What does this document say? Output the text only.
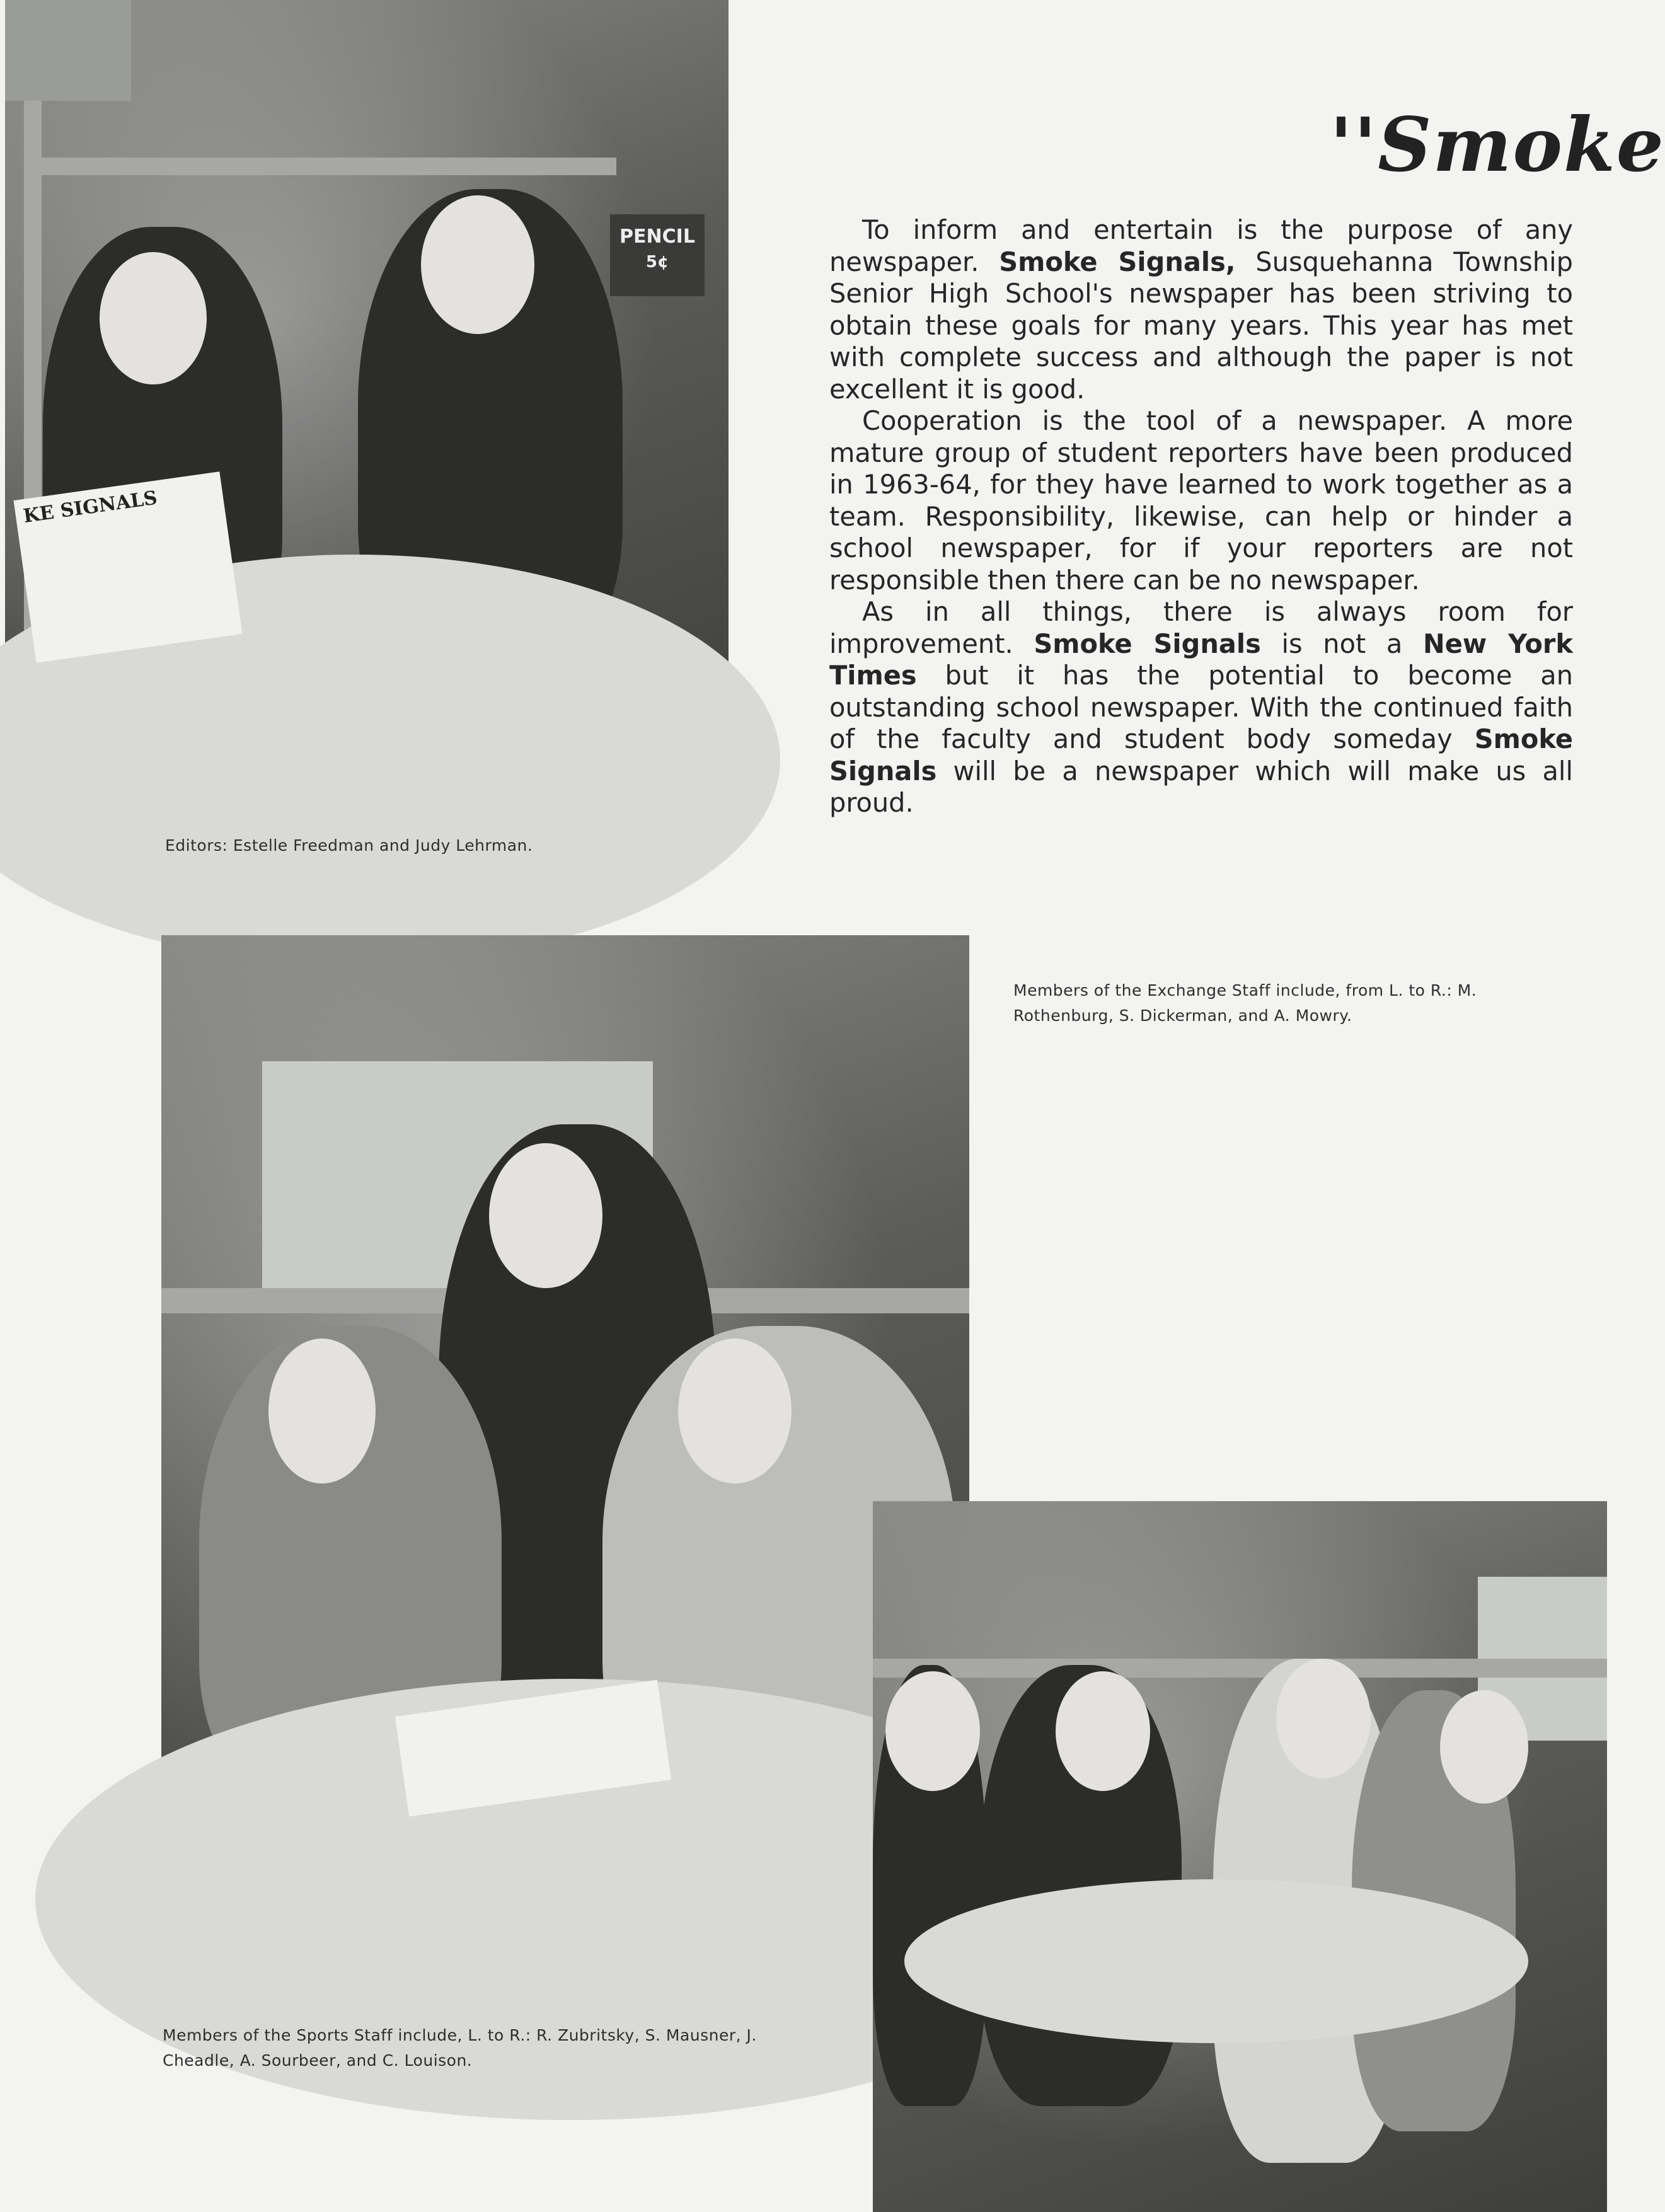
PENCIL
5¢
KE SIGNALS
''Smoke

To inform and entertain is the purpose of any newspaper. Smoke Signals, Susquehanna Township Senior High School's newspaper has been striving to obtain these goals for many years. This year has met with complete success and although the paper is not excellent it is good.

Cooperation is the tool of a newspaper. A more mature group of student reporters have been produced in 1963-64, for they have learned to work together as a team. Responsibility, likewise, can help or hinder a school newspaper, for if your reporters are not responsible then there can be no newspaper.

As in all things, there is always room for improvement. Smoke Signals is not a New York Times but it has the potential to become an outstanding school newspaper. With the continued faith of the faculty and student body someday Smoke Signals will be a newspaper which will make us all proud.

Editors: Estelle Freedman and Judy Lehrman.
Members of the Exchange Staff include, from L. to R.: M. Rothenburg, S. Dickerman, and A. Mowry.
Members of the Sports Staff include, L. to R.: R. Zubritsky, S. Mausner, J. Cheadle, A. Sourbeer, and C. Louison.
